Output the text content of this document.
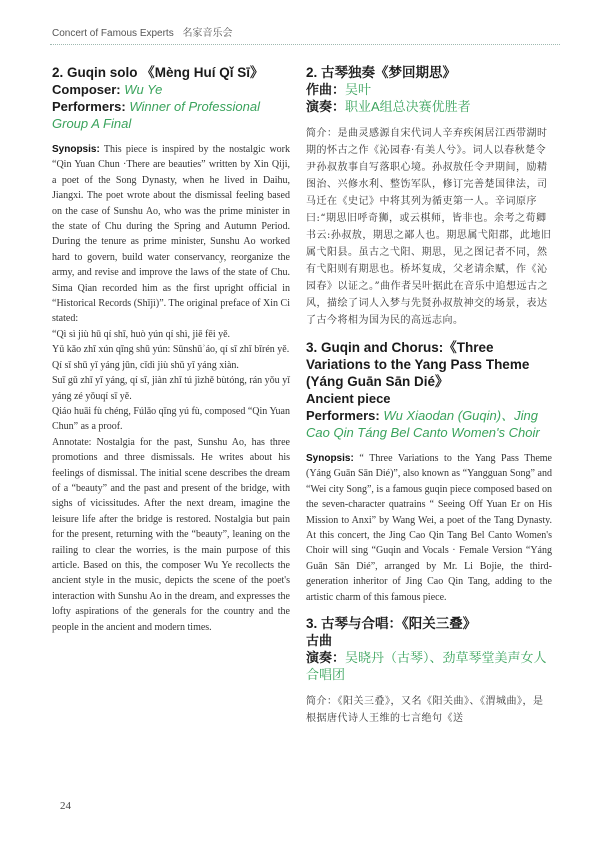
Concert of Famous Experts 名家音乐会
2. Guqin solo 《Mèng Huí Qǐ Sī》
Composer: Wu Ye
Performers: Winner of Professional Group A Final

Synopsis: This piece is inspired by the nostalgic work “Qin Yuan Chun ·There are beauties” written by Xin Qiji, a poet of the Song Dynasty, when he lived in Daihu, Jiangxi. The poet wrote about the dismissal feeling based on the case of Sunshu Ao, who was the prime minister in the state of Chu during the Spring and Autumn Period. During the tenure as prime minister, Sunshu Ao worked hard to govern, build water conservancy, reorganize the army, and revise and improve the laws of the state of Chu. Sima Qian recorded him as the first upright official in “Historical Records (Shǐjì)”. The original preface of Xin Ci stated:

“Qì sì jiù hū qí shī, huò yún qí shì, jiē fēi yě.

Yǔ kǎo zhī xún qīng shū yún: Sūnshūʾáo, qí sī zhǐ bīrén yě.

Qí sǐ shū yǐ yáng jūn, cǐdì jiù shǔ yī yáng xiàn.

Suī gǔ zhī yī yáng, qí sī, jiàn zhī tú jìzhě bùtóng, rán yǒu yǐ yáng zé yǒuqí sī yě.

Qiáo huāi fù chéng, Fúlǎo qǐng yú fù, composed “Qin Yuan Chun” as a proof.

Annotate: Nostalgia for the past, Sunshu Ao, has three promotions and three dismissals. He writes about his feelings of dismissal. The initial scene describes the dream of a “beauty” and the past and present of the bridge, with sighs of vicissitudes. After the next dream, imagine the leisure life after the bridge is restored. Nostalgia but pain for the present, returning with the “beauty”, leaning on the railing to clear the worries, is the main purpose of this article. Based on this, the composer Wu Ye recollects the ancient style in the music, depicts the scene of the poet's interaction with Sunshu Ao in the dream, and expresses the lofty aspirations of the generals for the country and the people in the ancient and modern times.

2. 古琴独奏《梦回期思》
作曲：吴叶
演奏：职业A组总决赛优胜者
简介：是曲灵感源自宋代词人辛弃疾闲居江西带湖时期的怀古之作《沁园春·有美人兮》。词人以春秋楚令尹孙叔敖事自写落职心境。孙叔敖任令尹期间，励精图治、兴修水利、整饬军队，修订完善楚国律法，司马迁在《史记》中将其列为循吏第一人。辛词原序曰:“期思旧呼奇狮，或云棋师，皆非也。余考之荀卿书云:孙叔敖，期思之鄙人也。期思属弋阳郡，此地旧属弋阳县。虽古之弋阳、期思，见之图记者不同，然有弋阳则有期思也。桥坏复成，父老请余赋，作《沁园春》以证之。”曲作者吴叶据此在音乐中追想远古之风，描绘了词人入梦与先贤孙叔敖神交的场景，表达了古今将相为国为民的高远志向。
3. Guqin and Chorus:《Three Variations to the Yang Pass Theme (Yáng Guān Sān Dié》
Ancient piece
Performers: Wu Xiaodan (Guqin)、Jing Cao Qin Táng Bel Canto Women's Choir
Synopsis: “ Three Variations to the Yang Pass Theme (Yáng Guān Sān Dié)”, also known as “Yangguan Song” and “Wei city Song”, is a famous guqin piece composed based on the seven-character quatrains “ Seeing Off Yuan Er on His Mission to Anxi” by Wang Wei, a poet of the Tang Dynasty. At this concert, the Jing Cao Qin Tang Bel Canto Women's Choir will sing “Guqin and Vocals · Female Version “Yáng Guān Sān Dié”, arranged by Mr. Li Bojie, the third-generation inheritor of Jing Cao Qin Tang, adding to the artistic charm of this famous piece.
3. 古琴与合唱：《阳关三叠》
古曲
演奏：吴晓丹（古琴）、劲草琴堂美声女人合唱团
简介：《阳关三叠》，又名《阳关曲》、《渭城曲》，是根据唐代诗人王维的七言绝句《送
24
